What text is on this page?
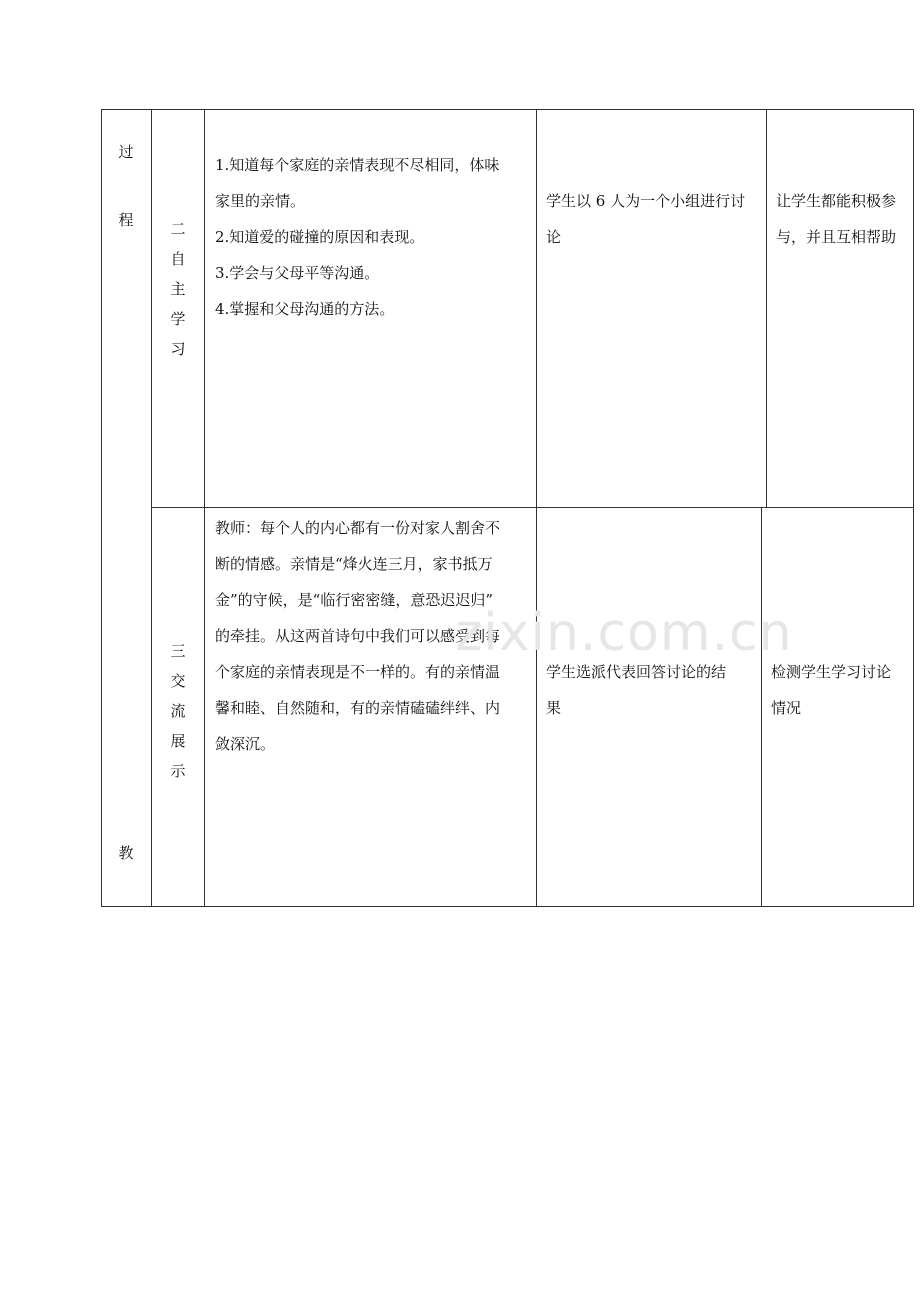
过
程
教
二
自
主
学
习

1.知道每个家庭的亲情表现不尽相同，体味

家里的亲情。

2.知道爱的碰撞的原因和表现。

3.学会与父母平等沟通。

4.掌握和父母沟通的方法。

学生以 6 人为一个小组进行讨

论

让学生都能积极参

与，并且互相帮助

三
交
流
展
示

教师：每个人的内心都有一份对家人割舍不

断的情感。亲情是“烽火连三月，家书抵万

金”的守候，是“临行密密缝，意恐迟迟归”

的牵挂。从这两首诗句中我们可以感受到每

个家庭的亲情表现是不一样的。有的亲情温

馨和睦、自然随和，有的亲情磕磕绊绊、内

敛深沉。

学生选派代表回答讨论的结

果

检测学生学习讨论

情况

zixin.com.cn
